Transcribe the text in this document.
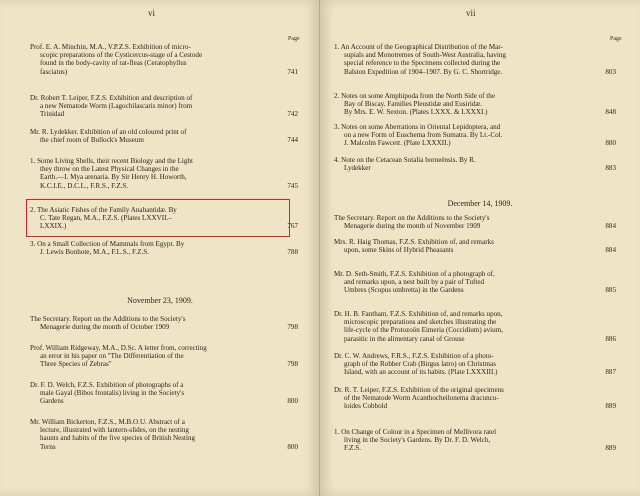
vi
Page
Prof. E. A. Minchin, M.A., V.P.Z.S. Exhibition of micro-
scopic preparations of the Cysticercus-stage of a Cestode
found in the body-cavity of rat-fleas (Ceratophyllus
fasciatus)	741
Dr. Robert T. Leiper, F.Z.S. Exhibition and description of
a new Nematode Worm (Lagochilascaris minor) from
Trinidad	742
Mr. R. Lydekker. Exhibition of an old coloured print of
the chief room of Bullock's Museum	744
1. Some Living Shells, their recent Biology and the Light
they throw on the Latest Physical Changes in the
Earth.—I. Mya arenaria. By Sir Henry H. Howorth,
K.C.I.E., D.C.L., F.R.S., F.Z.S.	745
2. The Asiatic Fishes of the Family Anabantidæ. By
C. Tate Regan, M.A., F.Z.S. (Plates LXXVII.–
LXXIX.)	767
3. On a Small Collection of Mammals from Egypt. By
J. Lewis Bonhote, M.A., F.L.S., F.Z.S.	788
The Secretary. Report on the Additions to the Society's
Menagerie during the month of October 1909	798
Prof. William Ridgeway, M.A., D.Sc. A letter from, correcting
an error in his paper on "The Differentiation of the
Three Species of Zebras"	798
Dr. F. D. Welch, F.Z.S. Exhibition of photographs of a
male Gayal (Bibos frontalis) living in the Society's
Gardens	800
Mr. William Bickerton, F.Z.S., M.B.O.U. Abstract of a
lecture, illustrated with lantern-slides, on the nesting
haunts and habits of the five species of British Nesting
Terns	800
November 23, 1909.
vii
Page
1. An Account of the Geographical Distribution of the Mar-
supials and Monotremes of South-West Australia, having
special reference to the Specimens collected during the
Balston Expedition of 1904–1907. By G. C. Shortridge.	803
2. Notes on some Amphipoda from the North Side of the
Bay of Biscay. Families Pleustidæ and Eusiridæ.
By Mrs. E. W. Sexton. (Plates LXXX. & LXXXI.)	848
3. Notes on some Aberrations in Oriental Lepidoptera, and
on a new Form of Euschema from Sumatra. By Lt.-Col.
J. Malcolm Fawcett. (Plate LXXXII.)	880
4. Note on the Cetacean Sotalia borneënsis. By R.
Lydekker	883
The Secretary. Report on the Additions to the Society's
Menagerie during the month of November 1909	884
Mrs. R. Haig Thomas, F.Z.S. Exhibition of, and remarks
upon, some Skins of Hybrid Pheasants	884
Mr. D. Seth-Smith, F.Z.S. Exhibition of a photograph of,
and remarks upon, a nest built by a pair of Tufted
Umbres (Scopus umbretta) in the Gardens	885
Dr. H. B. Fantham, F.Z.S. Exhibition of, and remarks upon,
microscopic preparations and sketches illustrating the
life-cycle of the Protozoön Eimeria (Coccidium) avium,
parasitic in the alimentary canal of Grouse	886
Dr. C. W. Andrews, F.R.S., F.Z.S. Exhibition of a photo-
graph of the Robber Crab (Birgus latro) on Christmas
Island, with an account of its habits. (Plate LXXXIII.)	887
Dr. R. T. Leiper, F.Z.S. Exhibition of the original specimens
of the Nematode Worm Acanthocheilonema dracuncu-
loides Cobbold	889
1. On Change of Colour in a Specimen of Mellivora ratel
living in the Society's Gardens. By Dr. F. D. Welch,
F.Z.S.	889
December 14, 1909.
